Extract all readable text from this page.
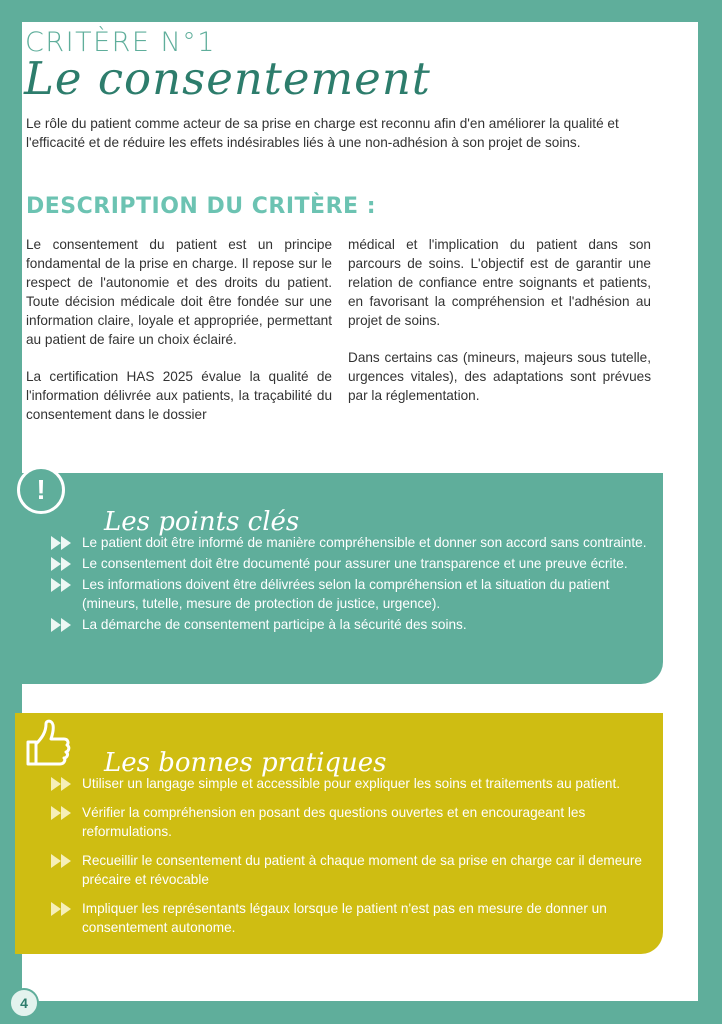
CRITÈRE N°1
Le consentement
Le rôle du patient comme acteur de sa prise en charge est reconnu afin d'en améliorer la qualité et l'efficacité et de réduire les effets indésirables liés à une non-adhésion à son projet de soins.
DESCRIPTION DU CRITÈRE :

Le consentement du patient est un principe fondamental de la prise en charge. Il repose sur le respect de l'autonomie et des droits du patient. Toute décision médicale doit être fondée sur une information claire, loyale et appropriée, permettant au patient de faire un choix éclairé.

La certification HAS 2025 évalue la qualité de l'information délivrée aux patients, la traçabilité du consentement dans le dossier

médical et l'implication du patient dans son parcours de soins. L'objectif est de garantir une relation de confiance entre soignants et patients, en favorisant la compréhension et l'adhésion au projet de soins.

Dans certains cas (mineurs, majeurs sous tutelle, urgences vitales), des adaptations sont prévues par la réglementation.

!
Les points clés
Le patient doit être informé de manière compréhensible et donner son accord sans contrainte.
Le consentement doit être documenté pour assurer une transparence et une preuve écrite.
Les informations doivent être délivrées selon la compréhension et la situation du patient (mineurs, tutelle, mesure de protection de justice, urgence).
La démarche de consentement participe à la sécurité des soins.
Les bonnes pratiques
Utiliser un langage simple et accessible pour expliquer les soins et traitements au patient.
Vérifier la compréhension en posant des questions ouvertes et en encourageant les reformulations.
Recueillir le consentement du patient à chaque moment de sa prise en charge car il demeure précaire et révocable
Impliquer les représentants légaux lorsque le patient n'est pas en mesure de donner un consentement autonome.
4
